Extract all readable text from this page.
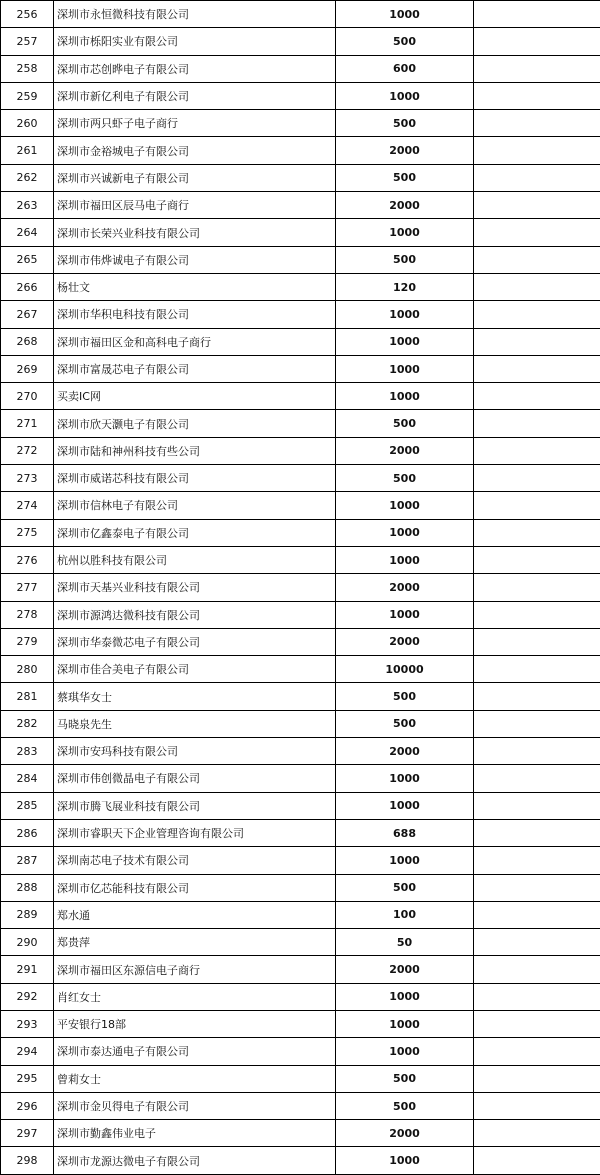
256	深圳市永恒微科技有限公司	1000	
257	深圳市栎阳实业有限公司	500	
258	深圳市芯创晔电子有限公司	600	
259	深圳市新亿利电子有限公司	1000	
260	深圳市两只虾子电子商行	500	
261	深圳市金裕城电子有限公司	2000	
262	深圳市兴诚新电子有限公司	500	
263	深圳市福田区辰马电子商行	2000	
264	深圳市长荣兴业科技有限公司	1000	
265	深圳市伟烨诚电子有限公司	500	
266	杨壮文	120	
267	深圳市华积电科技有限公司	1000	
268	深圳市福田区金和高科电子商行	1000	
269	深圳市富晟芯电子有限公司	1000	
270	买卖IC网	1000	
271	深圳市欣天灏电子有限公司	500	
272	深圳市陆和神州科技有些公司	2000	
273	深圳市威诺芯科技有限公司	500	
274	深圳市信林电子有限公司	1000	
275	深圳市亿鑫泰电子有限公司	1000	
276	杭州以胜科技有限公司	1000	
277	深圳市天基兴业科技有限公司	2000	
278	深圳市源鸿达微科技有限公司	1000	
279	深圳市华泰微芯电子有限公司	2000	
280	深圳市佳合美电子有限公司	10000	
281	蔡琪华女士	500	
282	马晓泉先生	500	
283	深圳市安玛科技有限公司	2000	
284	深圳市伟创微晶电子有限公司	1000	
285	深圳市腾飞展业科技有限公司	1000	
286	深圳市睿职天下企业管理咨询有限公司	688	
287	深圳南芯电子技术有限公司	1000	
288	深圳市亿芯能科技有限公司	500	
289	郑水通	100	
290	郑贵萍	50	
291	深圳市福田区东源信电子商行	2000	
292	肖红女士	1000	
293	平安银行18部	1000	
294	深圳市泰达通电子有限公司	1000	
295	曾莉女士	500	
296	深圳市金贝得电子有限公司	500	
297	深圳市勤鑫伟业电子	2000	
298	深圳市龙源达微电子有限公司	1000	
